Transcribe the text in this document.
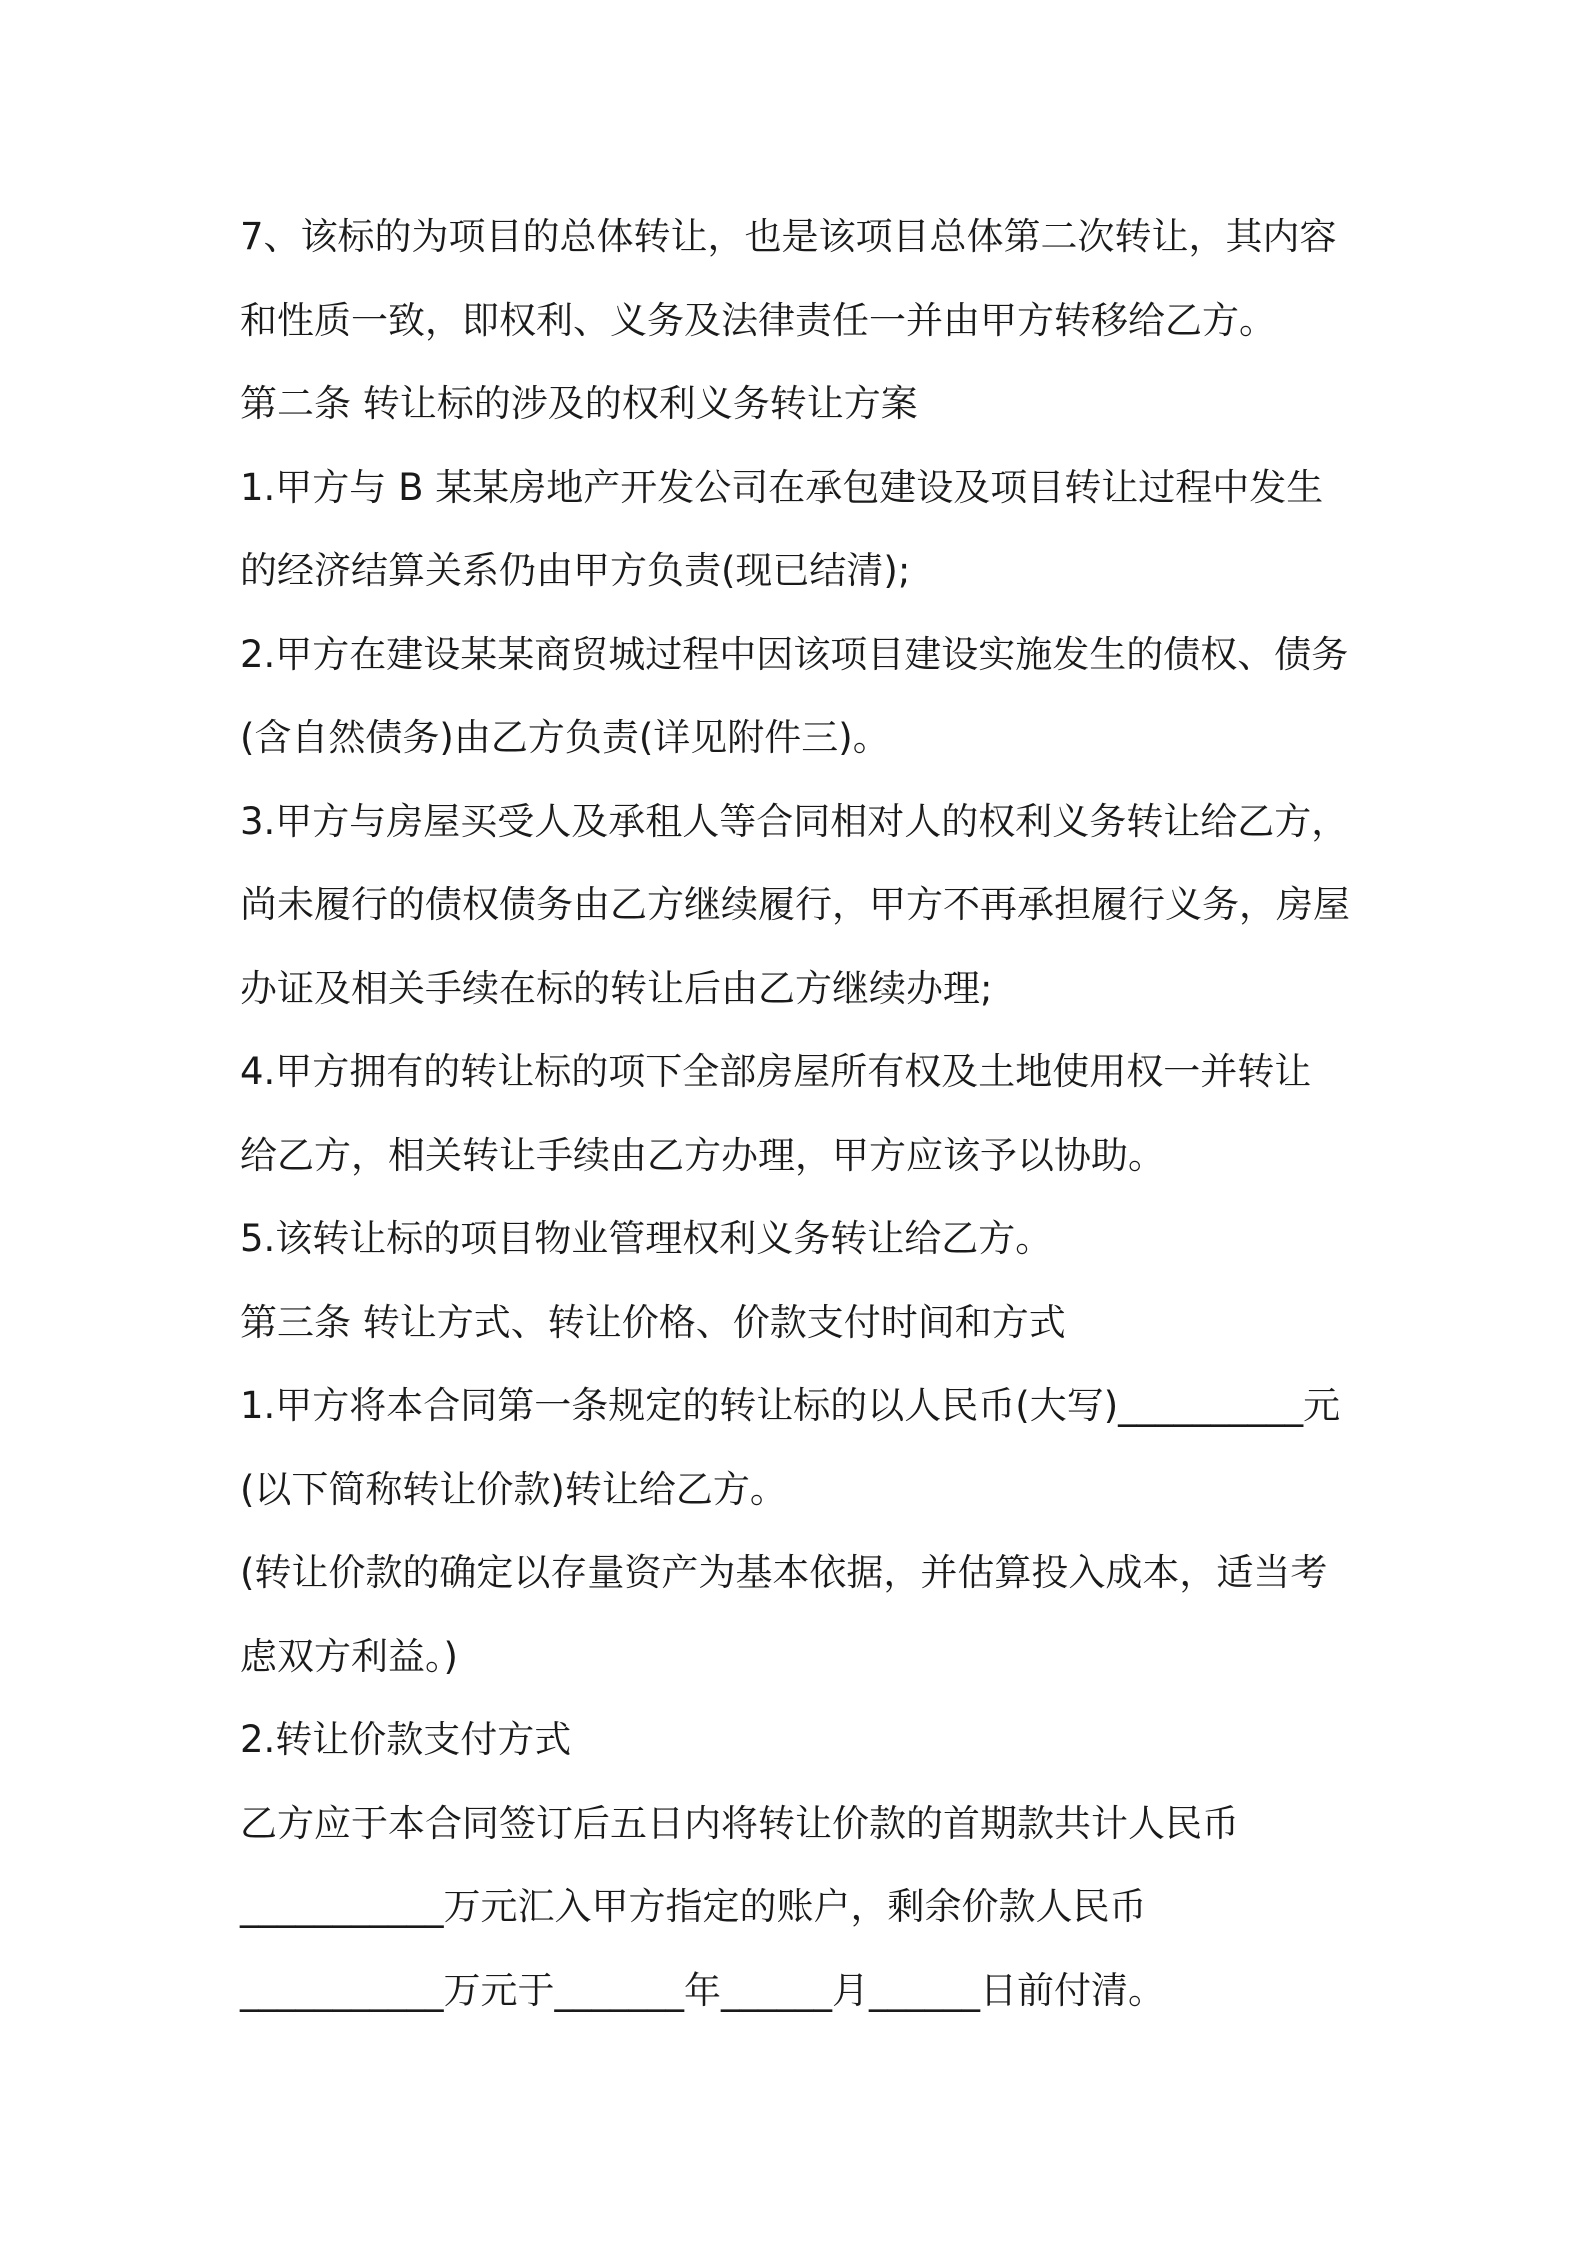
7、该标的为项目的总体转让，也是该项目总体第二次转让，其内容
和性质一致，即权利、义务及法律责任一并由甲方转移给乙方。
第二条 转让标的涉及的权利义务转让方案
1.甲方与 B 某某房地产开发公司在承包建设及项目转让过程中发生
的经济结算关系仍由甲方负责(现已结清);
2.甲方在建设某某商贸城过程中因该项目建设实施发生的债权、债务
(含自然债务)由乙方负责(详见附件三)。
3.甲方与房屋买受人及承租人等合同相对人的权利义务转让给乙方，
尚未履行的债权债务由乙方继续履行，甲方不再承担履行义务，房屋
办证及相关手续在标的转让后由乙方继续办理;
4.甲方拥有的转让标的项下全部房屋所有权及土地使用权一并转让
给乙方，相关转让手续由乙方办理，甲方应该予以协助。
5.该转让标的项目物业管理权利义务转让给乙方。
第三条 转让方式、转让价格、价款支付时间和方式
1.甲方将本合同第一条规定的转让标的以人民币(大写)__________元
(以下简称转让价款)转让给乙方。
(转让价款的确定以存量资产为基本依据，并估算投入成本，适当考
虑双方利益。)
2.转让价款支付方式
乙方应于本合同签订后五日内将转让价款的首期款共计人民币
___________万元汇入甲方指定的账户，剩余价款人民币
___________万元于_______年______月______日前付清。
